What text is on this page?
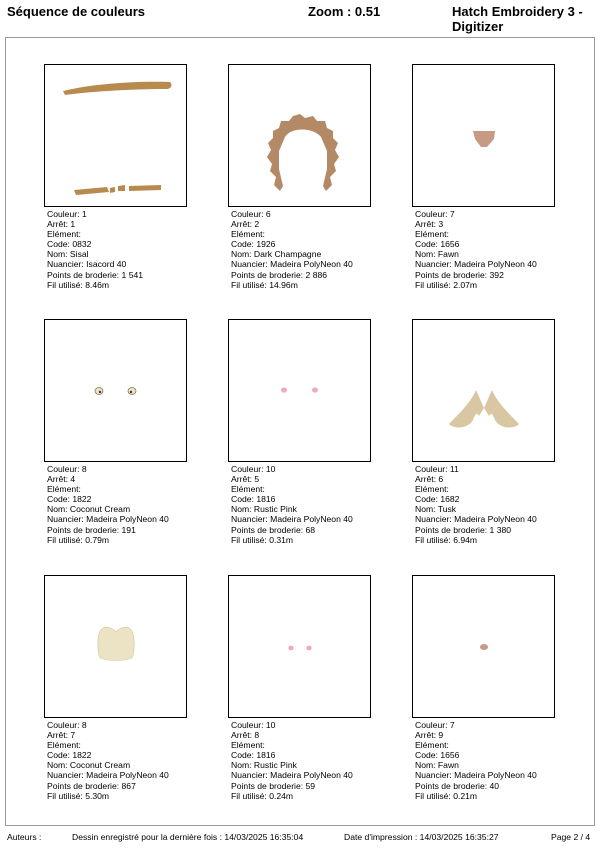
Séquence de couleurs	Zoom : 0.51	Hatch Embroidery 3 - Digitizer
Couleur: 1
Arrêt: 1
Elément:
Code: 0832
Nom: Sisal
Nuancier: Isacord 40
Points de broderie: 1 541
Fil utilisé: 8.46m
Couleur: 6
Arrêt: 2
Elément:
Code: 1926
Nom: Dark Champagne
Nuancier: Madeira PolyNeon 40
Points de broderie: 2 886
Fil utilisé: 14.96m
Couleur: 7
Arrêt: 3
Elément:
Code: 1656
Nom: Fawn
Nuancier: Madeira PolyNeon 40
Points de broderie: 392
Fil utilisé: 2.07m
Couleur: 8
Arrêt: 4
Elément:
Code: 1822
Nom: Coconut Cream
Nuancier: Madeira PolyNeon 40
Points de broderie: 191
Fil utilisé: 0.79m
Couleur: 10
Arrêt: 5
Elément:
Code: 1816
Nom: Rustic Pink
Nuancier: Madeira PolyNeon 40
Points de broderie: 68
Fil utilisé: 0.31m
Couleur: 11
Arrêt: 6
Elément:
Code: 1682
Nom: Tusk
Nuancier: Madeira PolyNeon 40
Points de broderie: 1 380
Fil utilisé: 6.94m
Couleur: 8
Arrêt: 7
Elément:
Code: 1822
Nom: Coconut Cream
Nuancier: Madeira PolyNeon 40
Points de broderie: 867
Fil utilisé: 5.30m
Couleur: 10
Arrêt: 8
Elément:
Code: 1816
Nom: Rustic Pink
Nuancier: Madeira PolyNeon 40
Points de broderie: 59
Fil utilisé: 0.24m
Couleur: 7
Arrêt: 9
Elément:
Code: 1656
Nom: Fawn
Nuancier: Madeira PolyNeon 40
Points de broderie: 40
Fil utilisé: 0.21m
Auteurs :	Dessin enregistré pour la dernière fois : 14/03/2025 16:35:04	Date d'impression : 14/03/2025 16:35:27	Page 2 / 4
